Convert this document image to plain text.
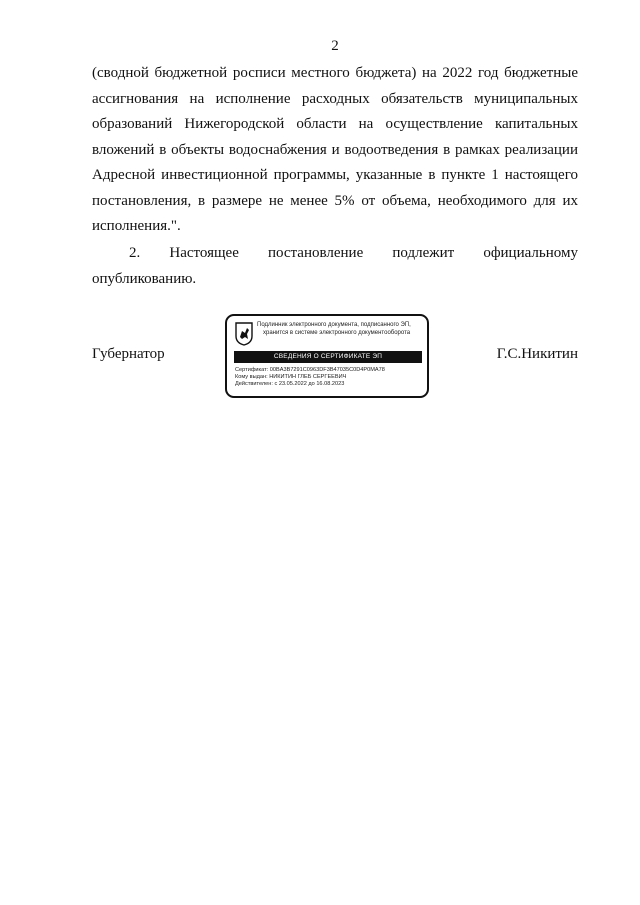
2
(сводной бюджетной росписи местного бюджета) на 2022 год бюджетные
ассигнования на исполнение расходных обязательств муниципальных
образований Нижегородской области на осуществление капитальных
вложений в объекты водоснабжения и водоотведения в рамках реализации
Адресной инвестиционной программы, указанные в пункте 1 настоящего
постановления, в размере не менее 5% от объема, необходимого для их
исполнения.".
2. Настоящее постановление подлежит официальному
опубликованию.
Губернатор	Г.С.Никитин
Подлинник электронного документа, подписанного ЭП,
хранится в системе электронного документооборота
СВЕДЕНИЯ О СЕРТИФИКАТЕ ЭП
Сертификат: 00BA3B7291C0963DF3B47035C0D4P0MA78
Кому выдан: НИКИТИН ГЛЕБ СЕРГЕЕВИЧ
Действителен: с 23.05.2022 до 16.08.2023
